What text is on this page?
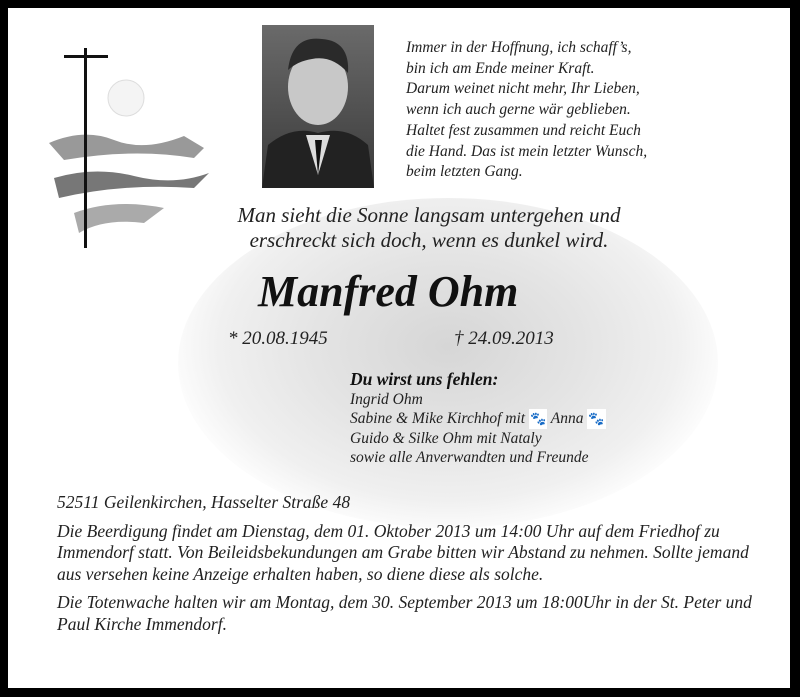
Immer in der Hoffnung, ich schaff’s,
bin ich am Ende meiner Kraft.
Darum weinet nicht mehr, Ihr Lieben,
wenn ich auch gerne wär geblieben.
Haltet fest zusammen und reicht Euch
die Hand. Das ist mein letzter Wunsch,
beim letzten Gang.
Man sieht die Sonne langsam untergehen und
erschreckt sich doch, wenn es dunkel wird.
Manfred Ohm
* 20.08.1945	† 24.09.2013
Du wirst uns fehlen:
Ingrid Ohm
Sabine & Mike Kirchhof mit 🐾 Anna 🐾
Guido & Silke Ohm mit Nataly
sowie alle Anverwandten und Freunde

52511 Geilenkirchen, Hasselter Straße 48

Die Beerdigung findet am Dienstag, dem 01. Oktober 2013 um 14:00 Uhr auf dem Friedhof zu Immendorf statt. Von Beileidsbekundungen am Grabe bitten wir Abstand zu nehmen. Sollte jemand aus versehen keine Anzeige erhalten haben, so diene diese als solche.

Die Totenwache halten wir am Montag, dem 30. September 2013 um 18:00Uhr in der St. Peter und Paul Kirche Immendorf.
